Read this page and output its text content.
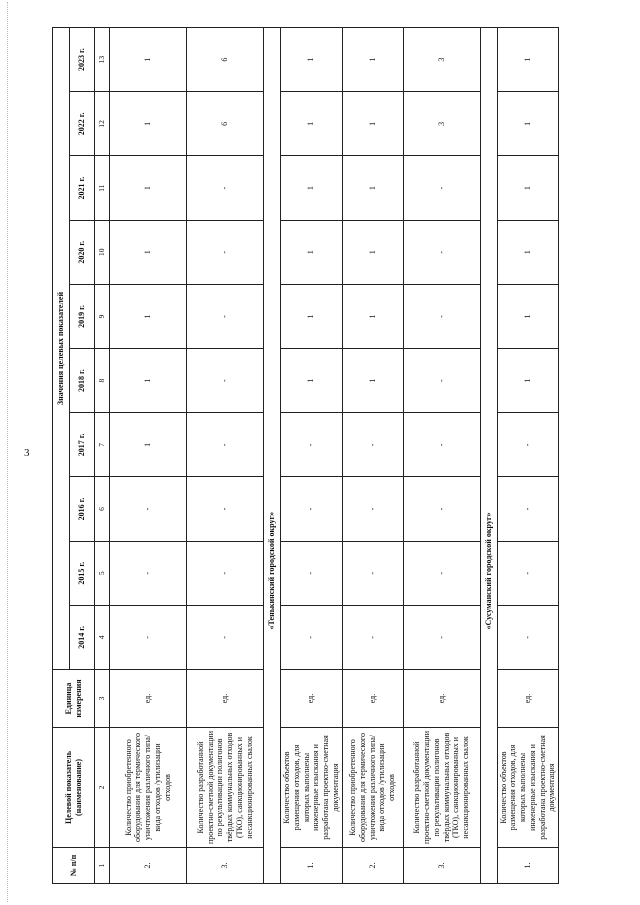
3
№ п/п	Целевой показатель (наименование)	Единица измерения	Значения целевых показателей									
			2014 г.	2015 г.	2016 г.	2017 г.	2018 г.	2019 г.	2020 г.	2021 г.	2022 г.	2023 г.
1	2	3	4	5	6	7	8	9	10	11	12	13
2.	Количество приобретенного оборудования для термического уничтожения различного типа/вида отходов /утилизации отходов	ед.	-	-	-	1	1	1	1	1	1	1
3.	Количество разработанной проектно-сметной документации по рекультивации полигонов твёрдых коммунальных отходов (ТКО), санкционированных и несанкционированных свалок	ед.	-	-	-	-	-	-	-	-	6	6
			«Тенькинский городской округ»									
1.	Количество объектов размещения отходов, для которых выполнены инженерные изыскания и разработана проектно-сметная документация	ед.	-	-	-	-	1	1	1	1	1	1
2.	Количество приобретенного оборудования для термического уничтожения различного типа/вида отходов /утилизации отходов	ед.	-	-	-	-	1	1	1	1	1	1
3.	Количество разработанной проектно-сметной документации по рекультивации полигонов твёрдых коммунальных отходов (ТКО), санкционированных и несанкционированных свалок	ед.	-	-	-	-	-	-	-	-	3	3
			«Сусуманский городской округ»									
1.	Количество объектов размещения отходов, для которых выполнены инженерные изыскания и разработана проектно-сметная документация	ед.	-	-	-	-	1	1	1	1	1	1
